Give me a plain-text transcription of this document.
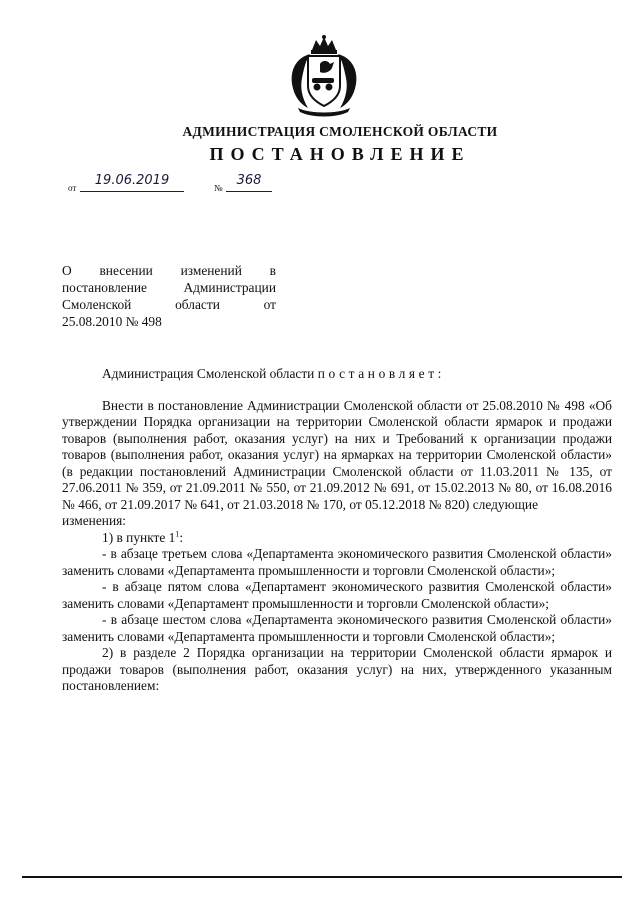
АДМИНИСТРАЦИЯ СМОЛЕНСКОЙ ОБЛАСТИ
ПОСТАНОВЛЕНИЕ
от	19.06.2019	№	368
О внесении изменений в
постановление Администрации
Смоленской области от
25.08.2010 № 498

Администрация Смоленской области постановляет:

Внести в постановление Администрации Смоленской области от 25.08.2010 № 498 «Об утверждении Порядка организации на территории Смоленской области ярмарок и продажи товаров (выполнения работ, оказания услуг) на них и Требований к организации продажи товаров (выполнения работ, оказания услуг) на ярмарках на территории Смоленской области» (в редакции постановлений Администрации Смоленской области от 11.03.2011 № 135, от 27.06.2011 № 359, от 21.09.2011 № 550, от 21.09.2012 № 691, от 15.02.2013 № 80, от 16.08.2016 № 466, от 21.09.2017 № 641, от 21.03.2018 № 170, от 05.12.2018 № 820) следующие

изменения:

1) в пункте $1^1$:

- в абзаце третьем слова «Департамента экономического развития Смоленской области» заменить словами «Департамента промышленности и торговли Смоленской области»;

- в абзаце пятом слова «Департамент экономического развития Смоленской области» заменить словами «Департамент промышленности и торговли Смоленской области»;

- в абзаце шестом слова «Департамента экономического развития Смоленской области» заменить словами «Департамента промышленности и торговли Смоленской области»;

2) в разделе 2 Порядка организации на территории Смоленской области ярмарок и продажи товаров (выполнения работ, оказания услуг) на них, утвержденного указанным постановлением:
